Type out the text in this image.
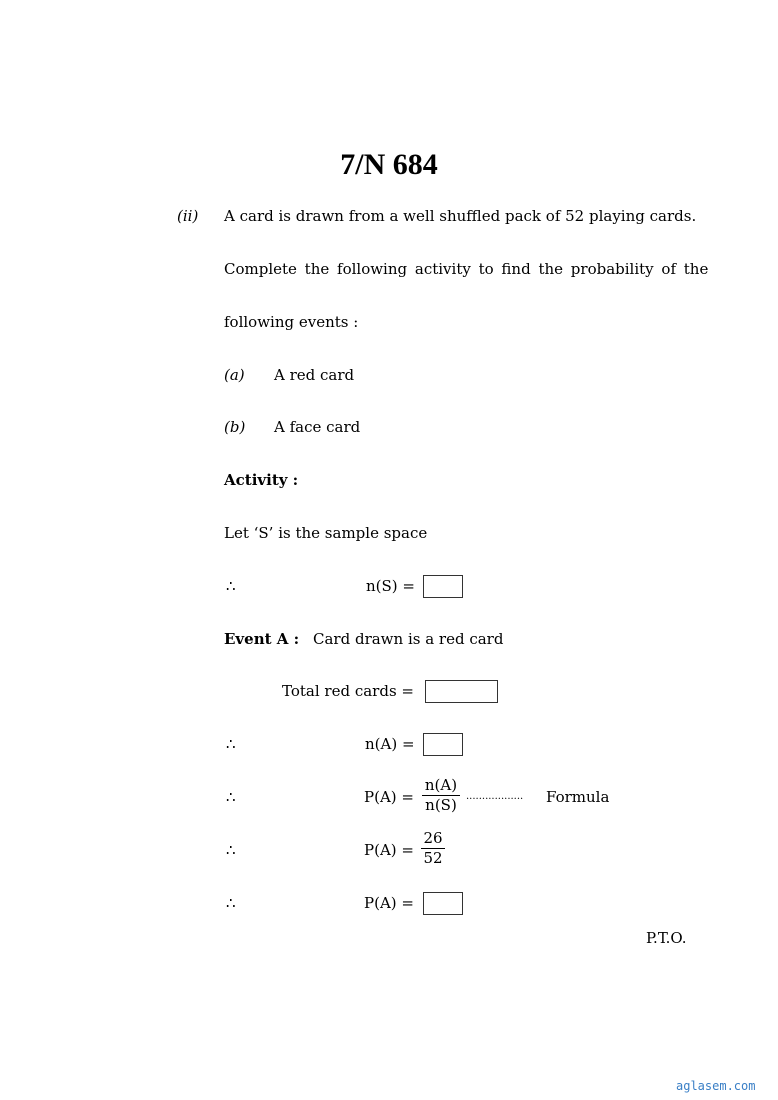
7/N 684
(ii) A card is drawn from a well shuffled pack of 52 playing cards.
Complete the following activity to find the probability of the
following events :
(a) A red card
(b) A face card
Activity :
Let ‘S’ is the sample space
∴	n(S) =
Event A : Card drawn is a red card
Total red cards =
∴	n(A) =
∴	$P(A) = \frac{n(A)}{n(S)}$ .................. Formula
∴	$P(A) = \frac{26}{52}$
∴	P(A) =
P.T.O.
aglasem.com
